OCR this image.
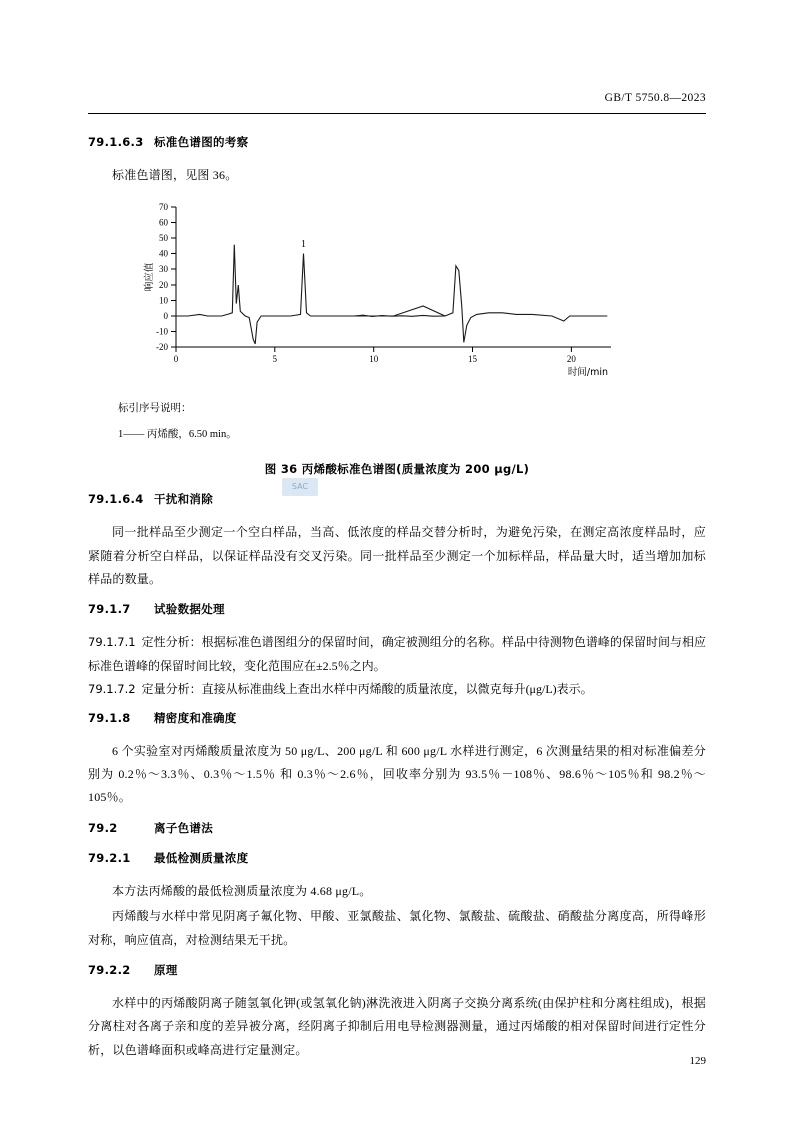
GB/T 5750.8—2023
79.1.6.3 标准色谱图的考察

标准色谱图，见图 36。

70
60
50
40
30
20
10
0
-10
-20
0	5	10	15	20
响应值
时间/min
1
标引序号说明：
1—— 丙烯酸，6.50 min。
图 36 丙烯酸标准色谱图(质量浓度为 200 μg/L)
79.1.6.4 干扰和消除

同一批样品至少测定一个空白样品，当高、低浓度的样品交替分析时，为避免污染，在测定高浓度样品时，应紧随着分析空白样品，以保证样品没有交叉污染。同一批样品至少测定一个加标样品，样品量大时，适当增加加标样品的数量。

79.1.7 试验数据处理

79.1.7.1 定性分析：根据标准色谱图组分的保留时间，确定被测组分的名称。样品中待测物色谱峰的保留时间与相应标准色谱峰的保留时间比较，变化范围应在±2.5％之内。

79.1.7.2 定量分析：直接从标准曲线上查出水样中丙烯酸的质量浓度，以微克每升(μg/L)表示。

79.1.8 精密度和准确度

6 个实验室对丙烯酸质量浓度为 50 μg/L、200 μg/L 和 600 μg/L 水样进行测定，6 次测量结果的相对标准偏差分别为 0.2％～3.3％、0.3％～1.5％ 和 0.3％～2.6％，回收率分别为 93.5％－108％、98.6％～105％和 98.2％～105％。

79.2	离子色谱法
79.2.1 最低检测质量浓度

本方法丙烯酸的最低检测质量浓度为 4.68 μg/L。

丙烯酸与水样中常见阴离子氟化物、甲酸、亚氯酸盐、氯化物、氯酸盐、硫酸盐、硝酸盐分离度高，所得峰形对称，响应值高，对检测结果无干扰。

79.2.2 原理

水样中的丙烯酸阴离子随氢氧化钾(或氢氧化钠)淋洗液进入阴离子交换分离系统(由保护柱和分离柱组成)，根据分离柱对各离子亲和度的差异被分离，经阴离子抑制后用电导检测器测量，通过丙烯酸的相对保留时间进行定性分析，以色谱峰面积或峰高进行定量测定。

SAC
129
